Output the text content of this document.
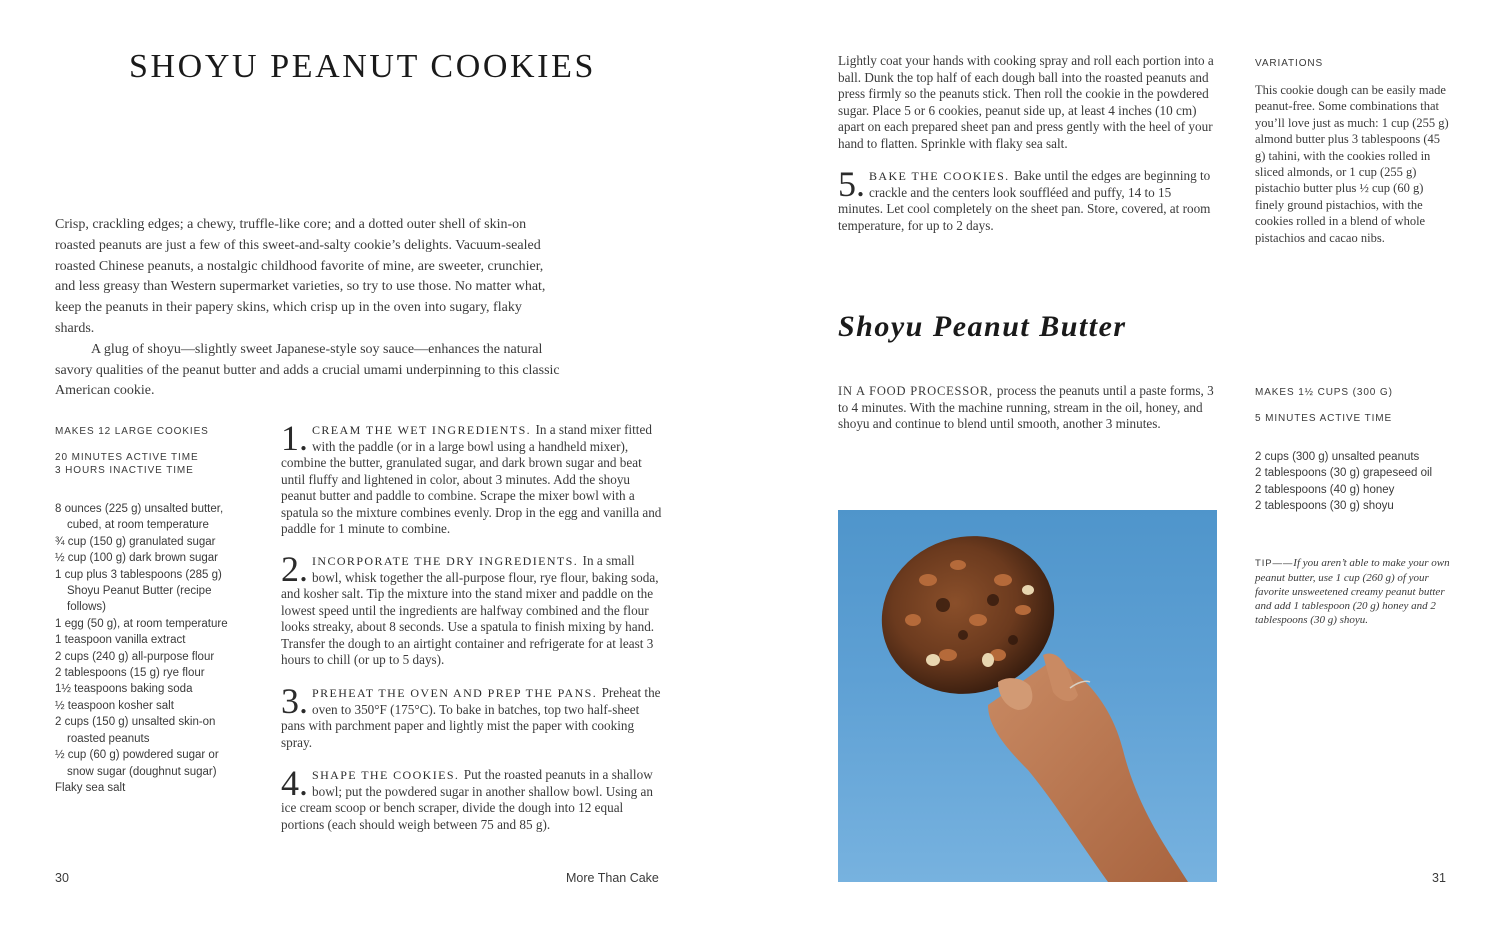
SHOYU PEANUT COOKIES

Crisp, crackling edges; a chewy, truffle-like core; and a dotted outer shell of skin-on roasted peanuts are just a few of this sweet-and-salty cookie’s delights. Vacuum-sealed roasted Chinese peanuts, a nostalgic childhood favorite of mine, are sweeter, crunchier, and less greasy than Western supermarket varieties, so try to use those. No matter what, keep the peanuts in their papery skins, which crisp up in the oven into sugary, flaky shards.

A glug of shoyu—slightly sweet Japanese-style soy sauce—enhances the natural savory qualities of the peanut butter and adds a crucial umami underpinning to this classic American cookie.

MAKES 12 LARGE COOKIES
20 MINUTES ACTIVE TIME
3 HOURS INACTIVE TIME
8 ounces (225 g) unsalted butter, cubed, at room temperature
¾ cup (150 g) granulated sugar
½ cup (100 g) dark brown sugar
1 cup plus 3 tablespoons (285 g) Shoyu Peanut Butter (recipe follows)
1 egg (50 g), at room temperature
1 teaspoon vanilla extract
2 cups (240 g) all-purpose flour
2 tablespoons (15 g) rye flour
1½ teaspoons baking soda
½ teaspoon kosher salt
2 cups (150 g) unsalted skin-on roasted peanuts
½ cup (60 g) powdered sugar or snow sugar (doughnut sugar)
Flaky sea salt
1. CREAM THE WET INGREDIENTS. In a stand mixer fitted with the paddle (or in a large bowl using a handheld mixer), combine the butter, granulated sugar, and dark brown sugar and beat until fluffy and lightened in color, about 3 minutes. Add the shoyu peanut butter and paddle to combine. Scrape the mixer bowl with a spatula so the mixture combines evenly. Drop in the egg and vanilla and paddle for 1 minute to combine.
2. INCORPORATE THE DRY INGREDIENTS. In a small bowl, whisk together the all-purpose flour, rye flour, baking soda, and kosher salt. Tip the mixture into the stand mixer and paddle on the lowest speed until the ingredients are halfway combined and the flour looks streaky, about 8 seconds. Use a spatula to finish mixing by hand. Transfer the dough to an airtight container and refrigerate for at least 3 hours to chill (or up to 5 days).
3. PREHEAT THE OVEN AND PREP THE PANS. Preheat the oven to 350°F (175°C). To bake in batches, top two half-sheet pans with parchment paper and lightly mist the paper with cooking spray.
4. SHAPE THE COOKIES. Put the roasted peanuts in a shallow bowl; put the powdered sugar in another shallow bowl. Using an ice cream scoop or bench scraper, divide the dough into 12 equal portions (each should weigh between 75 and 85 g).
30	More Than Cake

Lightly coat your hands with cooking spray and roll each portion into a ball. Dunk the top half of each dough ball into the roasted peanuts and press firmly so the peanuts stick. Then roll the cookie in the powdered sugar. Place 5 or 6 cookies, peanut side up, at least 4 inches (10 cm) apart on each prepared sheet pan and press gently with the heel of your hand to flatten. Sprinkle with flaky sea salt.

5. BAKE THE COOKIES. Bake until the edges are beginning to crackle and the centers look souffléed and puffy, 14 to 15 minutes. Let cool completely on the sheet pan. Store, covered, at room temperature, for up to 2 days.
VARIATIONS

This cookie dough can be easily made peanut-free. Some combinations that you’ll love just as much: 1 cup (255 g) almond butter plus 3 tablespoons (45 g) tahini, with the cookies rolled in sliced almonds, or 1 cup (255 g) pistachio butter plus ½ cup (60 g) finely ground pistachios, with the cookies rolled in a blend of whole pistachios and cacao nibs.

Shoyu Peanut Butter

IN A FOOD PROCESSOR, process the peanuts until a paste forms, 3 to 4 minutes. With the machine running, stream in the oil, honey, and shoyu and continue to blend until smooth, another 3 minutes.

MAKES 1½ CUPS (300 G)
5 MINUTES ACTIVE TIME
2 cups (300 g) unsalted peanuts
2 tablespoons (30 g) grapeseed oil
2 tablespoons (40 g) honey
2 tablespoons (30 g) shoyu

TIP——If you aren’t able to make your own peanut butter, use 1 cup (260 g) of your favorite unsweetened creamy peanut butter and add 1 tablespoon (20 g) honey and 2 tablespoons (30 g) shoyu.

31
